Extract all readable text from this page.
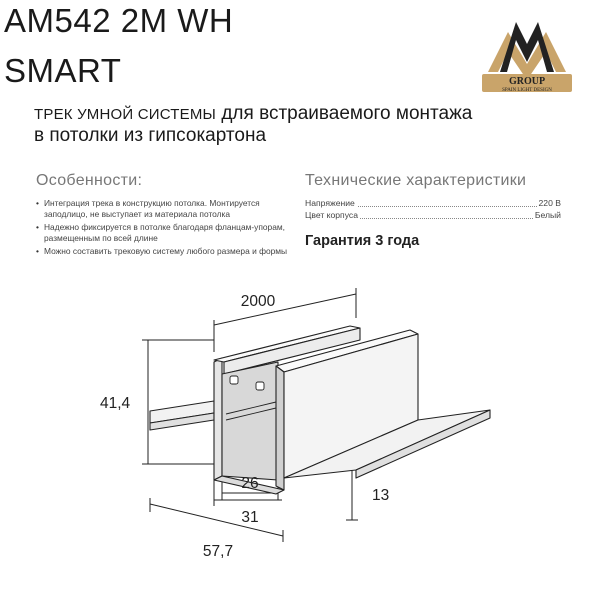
AM542 2M WH
SMART	GROUP
SPAIN LIGHT DESIGN
ТРЕК УМНОЙ СИСТЕМЫ для встраиваемого монтажа
в потолки из гипсокартона
Особенности:
• Интеграция трека в конструкцию потолка. Монтируется заподлицо, не выступает из материала потолка
• Надежно фиксируется в потолке благодаря фланцам-упорам, размещенным по всей длине
• Можно составить трековую систему любого размера и формы
Технические характеристики
Напряжение	220 В
Цвет корпуса	Белый
Гарантия 3 года
2000
41,4
26
31
13
57,7
